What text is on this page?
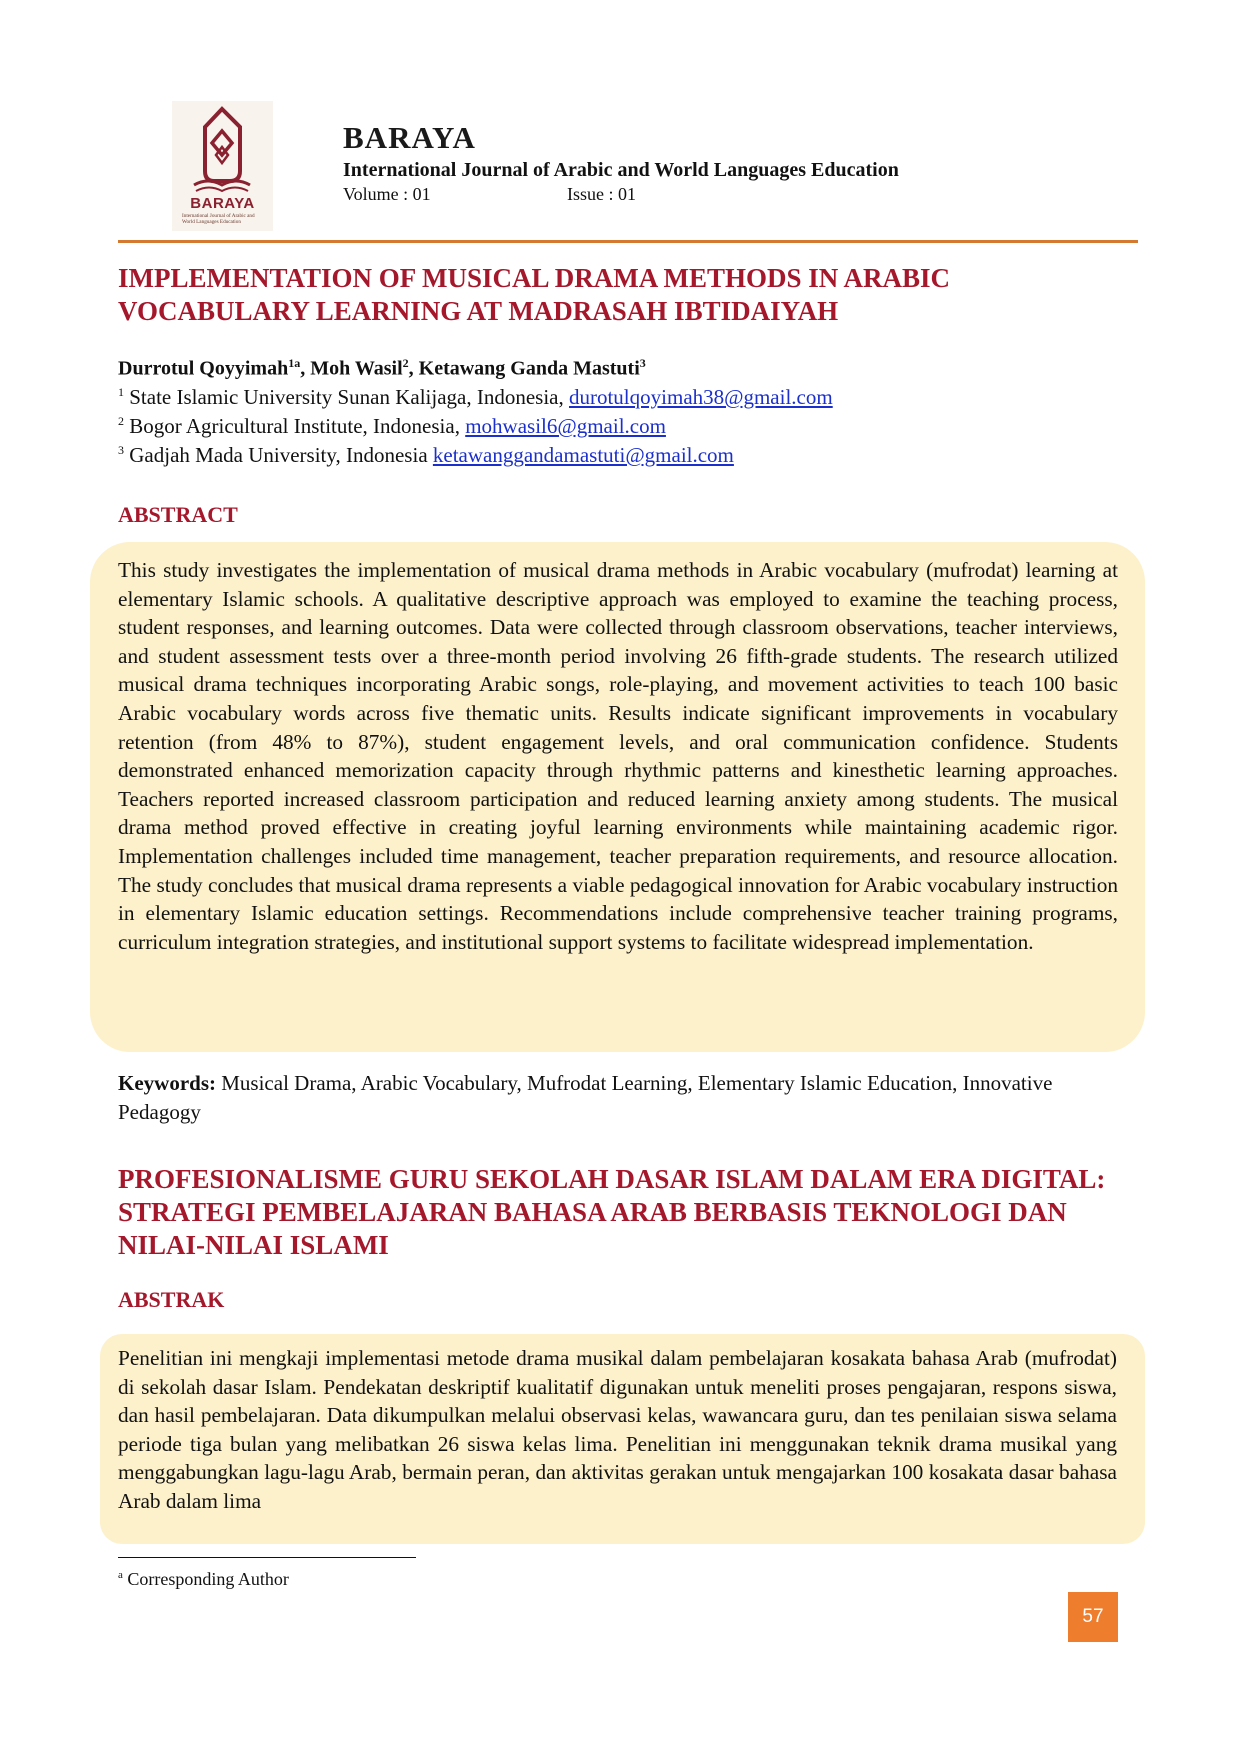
BARAYA
International Journal of Arabic and World Languages Education
BARAYA
International Journal of Arabic and World Languages Education
Volume : 01	Issue : 01
IMPLEMENTATION OF MUSICAL DRAMA METHODS IN ARABIC VOCABULARY LEARNING AT MADRASAH IBTIDAIYAH
Durrotul Qoyyimah$^{1a}$, Moh Wasil$^2$, Ketawang Ganda Mastuti$^3$
$^1$ State Islamic University Sunan Kalijaga, Indonesia, durotulqoyimah38@gmail.com
$^2$ Bogor Agricultural Institute, Indonesia, mohwasil6@gmail.com
$^3$ Gadjah Mada University, Indonesia ketawanggandamastuti@gmail.com
ABSTRACT

This study investigates the implementation of musical drama methods in Arabic vocabulary (mufrodat) learning at elementary Islamic schools. A qualitative descriptive approach was employed to examine the teaching process, student responses, and learning outcomes. Data were collected through classroom observations, teacher interviews, and student assessment tests over a three-month period involving 26 fifth-grade students. The research utilized musical drama techniques incorporating Arabic songs, role-playing, and movement activities to teach 100 basic Arabic vocabulary words across five thematic units. Results indicate significant improvements in vocabulary retention (from 48% to 87%), student engagement levels, and oral communication confidence. Students demonstrated enhanced memorization capacity through rhythmic patterns and kinesthetic learning approaches. Teachers reported increased classroom participation and reduced learning anxiety among students. The musical drama method proved effective in creating joyful learning environments while maintaining academic rigor. Implementation challenges included time management, teacher preparation requirements, and resource allocation. The study concludes that musical drama represents a viable pedagogical innovation for Arabic vocabulary instruction in elementary Islamic education settings. Recommendations include comprehensive teacher training programs, curriculum integration strategies, and institutional support systems to facilitate widespread implementation.

Keywords: Musical Drama, Arabic Vocabulary, Mufrodat Learning, Elementary Islamic Education, Innovative Pedagogy
PROFESIONALISME GURU SEKOLAH DASAR ISLAM DALAM ERA DIGITAL: STRATEGI PEMBELAJARAN BAHASA ARAB BERBASIS TEKNOLOGI DAN NILAI-NILAI ISLAMI
ABSTRAK

Penelitian ini mengkaji implementasi metode drama musikal dalam pembelajaran kosakata bahasa Arab (mufrodat) di sekolah dasar Islam. Pendekatan deskriptif kualitatif digunakan untuk meneliti proses pengajaran, respons siswa, dan hasil pembelajaran. Data dikumpulkan melalui observasi kelas, wawancara guru, dan tes penilaian siswa selama periode tiga bulan yang melibatkan 26 siswa kelas lima. Penelitian ini menggunakan teknik drama musikal yang menggabungkan lagu-lagu Arab, bermain peran, dan aktivitas gerakan untuk mengajarkan 100 kosakata dasar bahasa Arab dalam lima

$^a$ Corresponding Author
57
